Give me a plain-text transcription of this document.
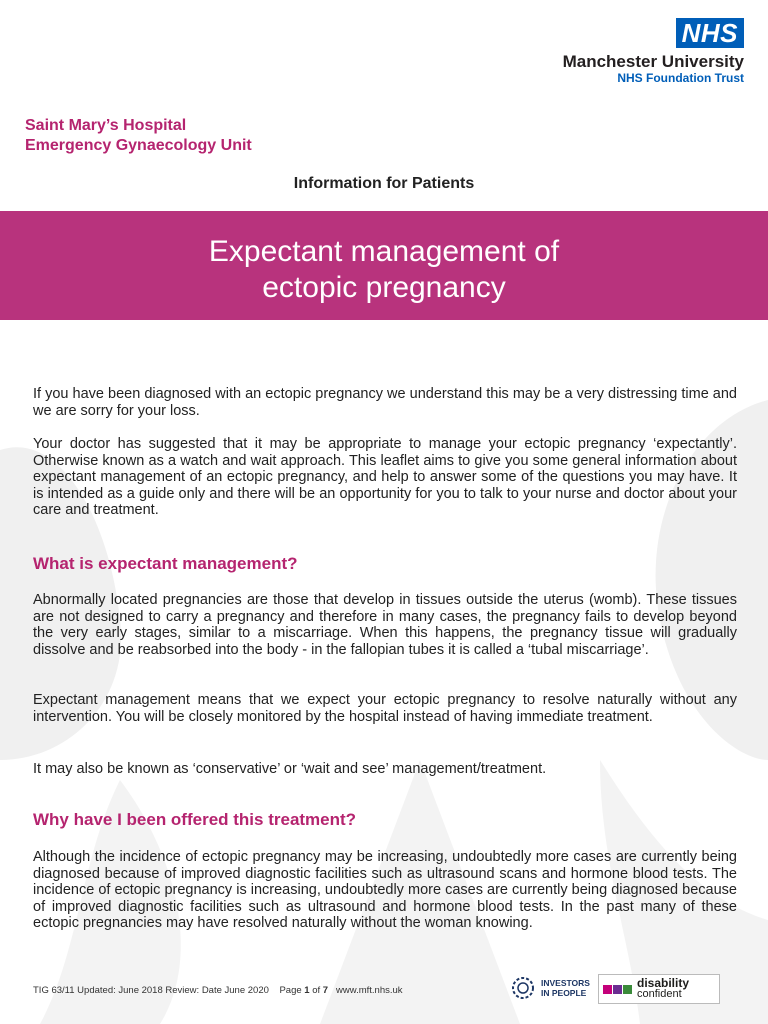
NHS
Manchester University
NHS Foundation Trust
Saint Mary’s Hospital
Emergency Gynaecology Unit
Information for Patients
Expectant management of
ectopic pregnancy

If you have been diagnosed with an ectopic pregnancy we understand this may be a very distressing time and we are sorry for your loss.

Your doctor has suggested that it may be appropriate to manage your ectopic pregnancy ‘expectantly’. Otherwise known as a watch and wait approach. This leaflet aims to give you some general information about expectant management of an ectopic pregnancy, and help to answer some of the questions you may have. It is intended as a guide only and there will be an opportunity for you to talk to your nurse and doctor about your care and treatment.

What is expectant management?

Abnormally located pregnancies are those that develop in tissues outside the uterus (womb). These tissues are not designed to carry a pregnancy and therefore in many cases, the pregnancy fails to develop beyond the very early stages, similar to a miscarriage. When this happens, the pregnancy tissue will gradually dissolve and be reabsorbed into the body - in the fallopian tubes it is called a ‘tubal miscarriage’.

Expectant management means that we expect your ectopic pregnancy to resolve naturally without any intervention. You will be closely monitored by the hospital instead of having immediate treatment.

It may also be known as ‘conservative’ or ‘wait and see’ management/treatment.

Why have I been offered this treatment?

Although the incidence of ectopic pregnancy may be increasing, undoubtedly more cases are currently being diagnosed because of improved diagnostic facilities such as ultrasound scans and hormone blood tests. The incidence of ectopic pregnancy is increasing, undoubtedly more cases are currently being diagnosed because of improved diagnostic facilities such as ultrasound and hormone blood tests. In the past many of these ectopic pregnancies may have resolved naturally without the woman knowing.

TIG 63/11 Updated: June 2018 Review: Date June 2020 Page 1 of 7 www.mft.nhs.uk
INVESTORS
IN PEOPLE
disability
confident
